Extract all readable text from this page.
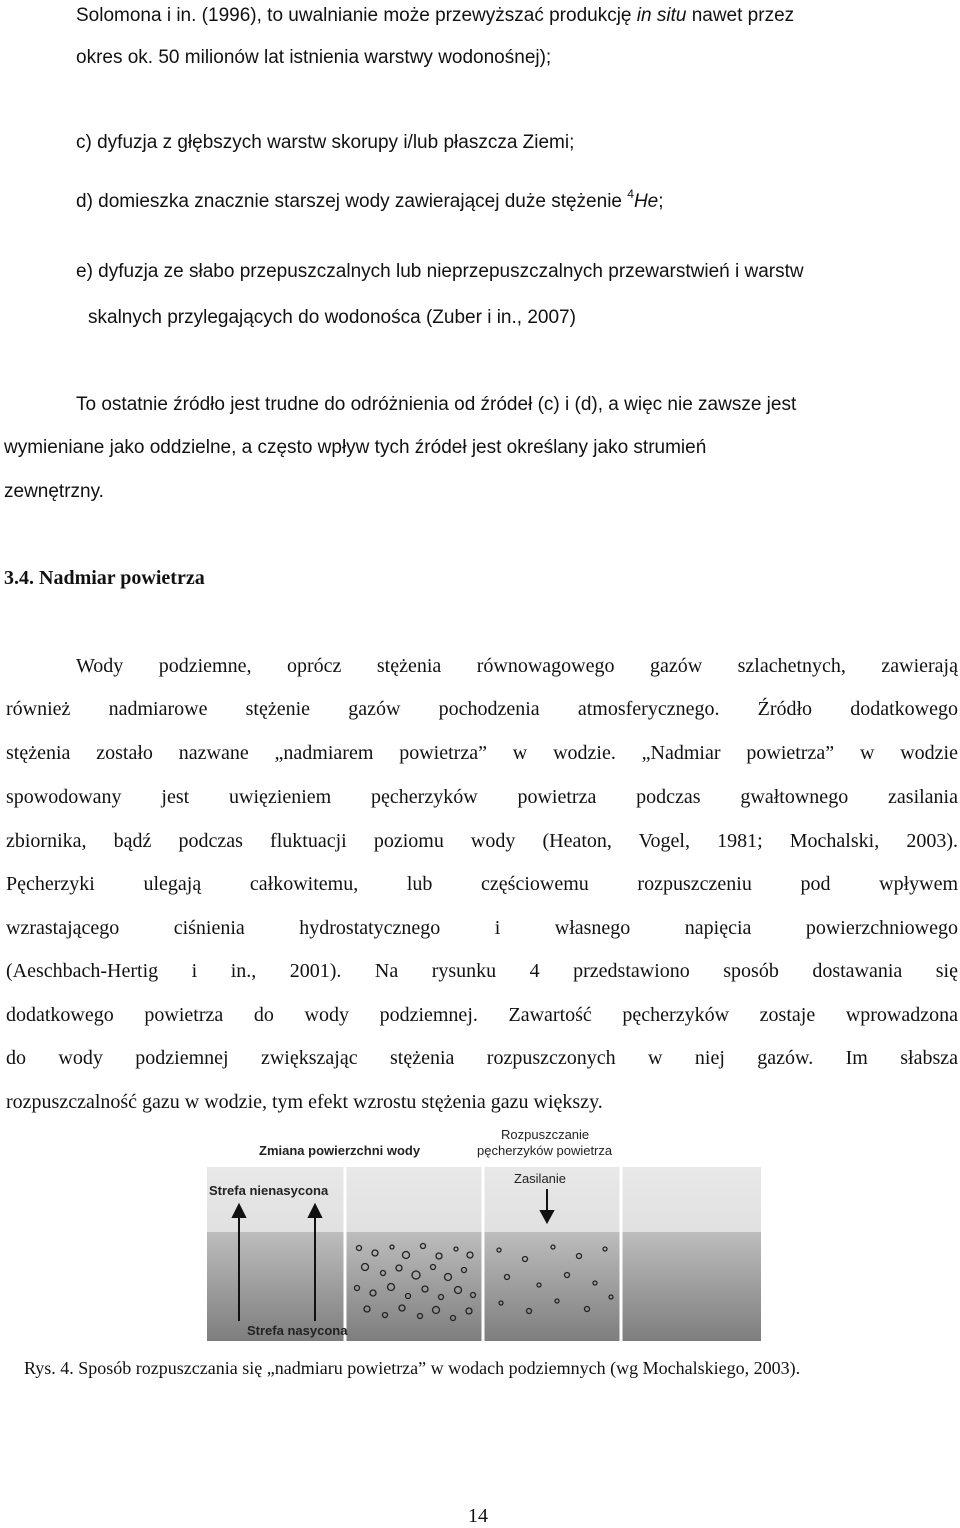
Solomona i in. (1996), to uwalnianie może przewyższać produkcję in situ nawet przez
okres ok. 50 milionów lat istnienia warstwy wodonośnej);
c) dyfuzja z głębszych warstw skorupy i/lub płaszcza Ziemi;
d) domieszka znacznie starszej wody zawierającej duże stężenie $^4$He;
e) dyfuzja ze słabo przepuszczalnych lub nieprzepuszczalnych przewarstwień i warstw
skalnych przylegających do wodonośca (Zuber i in., 2007)
To ostatnie źródło jest trudne do odróżnienia od źródeł (c) i (d), a więc nie zawsze jest
wymieniane jako oddzielne, a często wpływ tych źródeł jest określany jako strumień
zewnętrzny.
3.4. Nadmiar powietrza
Wody podziemne, oprócz stężenia równowagowego gazów szlachetnych, zawierają
również nadmiarowe stężenie gazów pochodzenia atmosferycznego. Źródło dodatkowego
stężenia zostało nazwane „nadmiarem powietrza” w wodzie. „Nadmiar powietrza” w wodzie
spowodowany jest uwięzieniem pęcherzyków powietrza podczas gwałtownego zasilania
zbiornika, bądź podczas fluktuacji poziomu wody (Heaton, Vogel, 1981; Mochalski, 2003).
Pęcherzyki ulegają całkowitemu, lub częściowemu rozpuszczeniu pod wpływem
wzrastającego ciśnienia hydrostatycznego i własnego napięcia powierzchniowego
(Aeschbach-Hertig i in., 2001). Na rysunku 4 przedstawiono sposób dostawania się
dodatkowego powietrza do wody podziemnej. Zawartość pęcherzyków zostaje wprowadzona
do wody podziemnej zwiększając stężenia rozpuszczonych w niej gazów. Im słabsza
rozpuszczalność gazu w wodzie, tym efekt wzrostu stężenia gazu większy.
Zmiana powierzchni wody
Rozpuszczanie
pęcherzyków powietrza
Zasilanie
Strefa nienasycona
Strefa nasycona
Rys. 4. Sposób rozpuszczania się „nadmiaru powietrza” w wodach podziemnych (wg Mochalskiego, 2003).
14
